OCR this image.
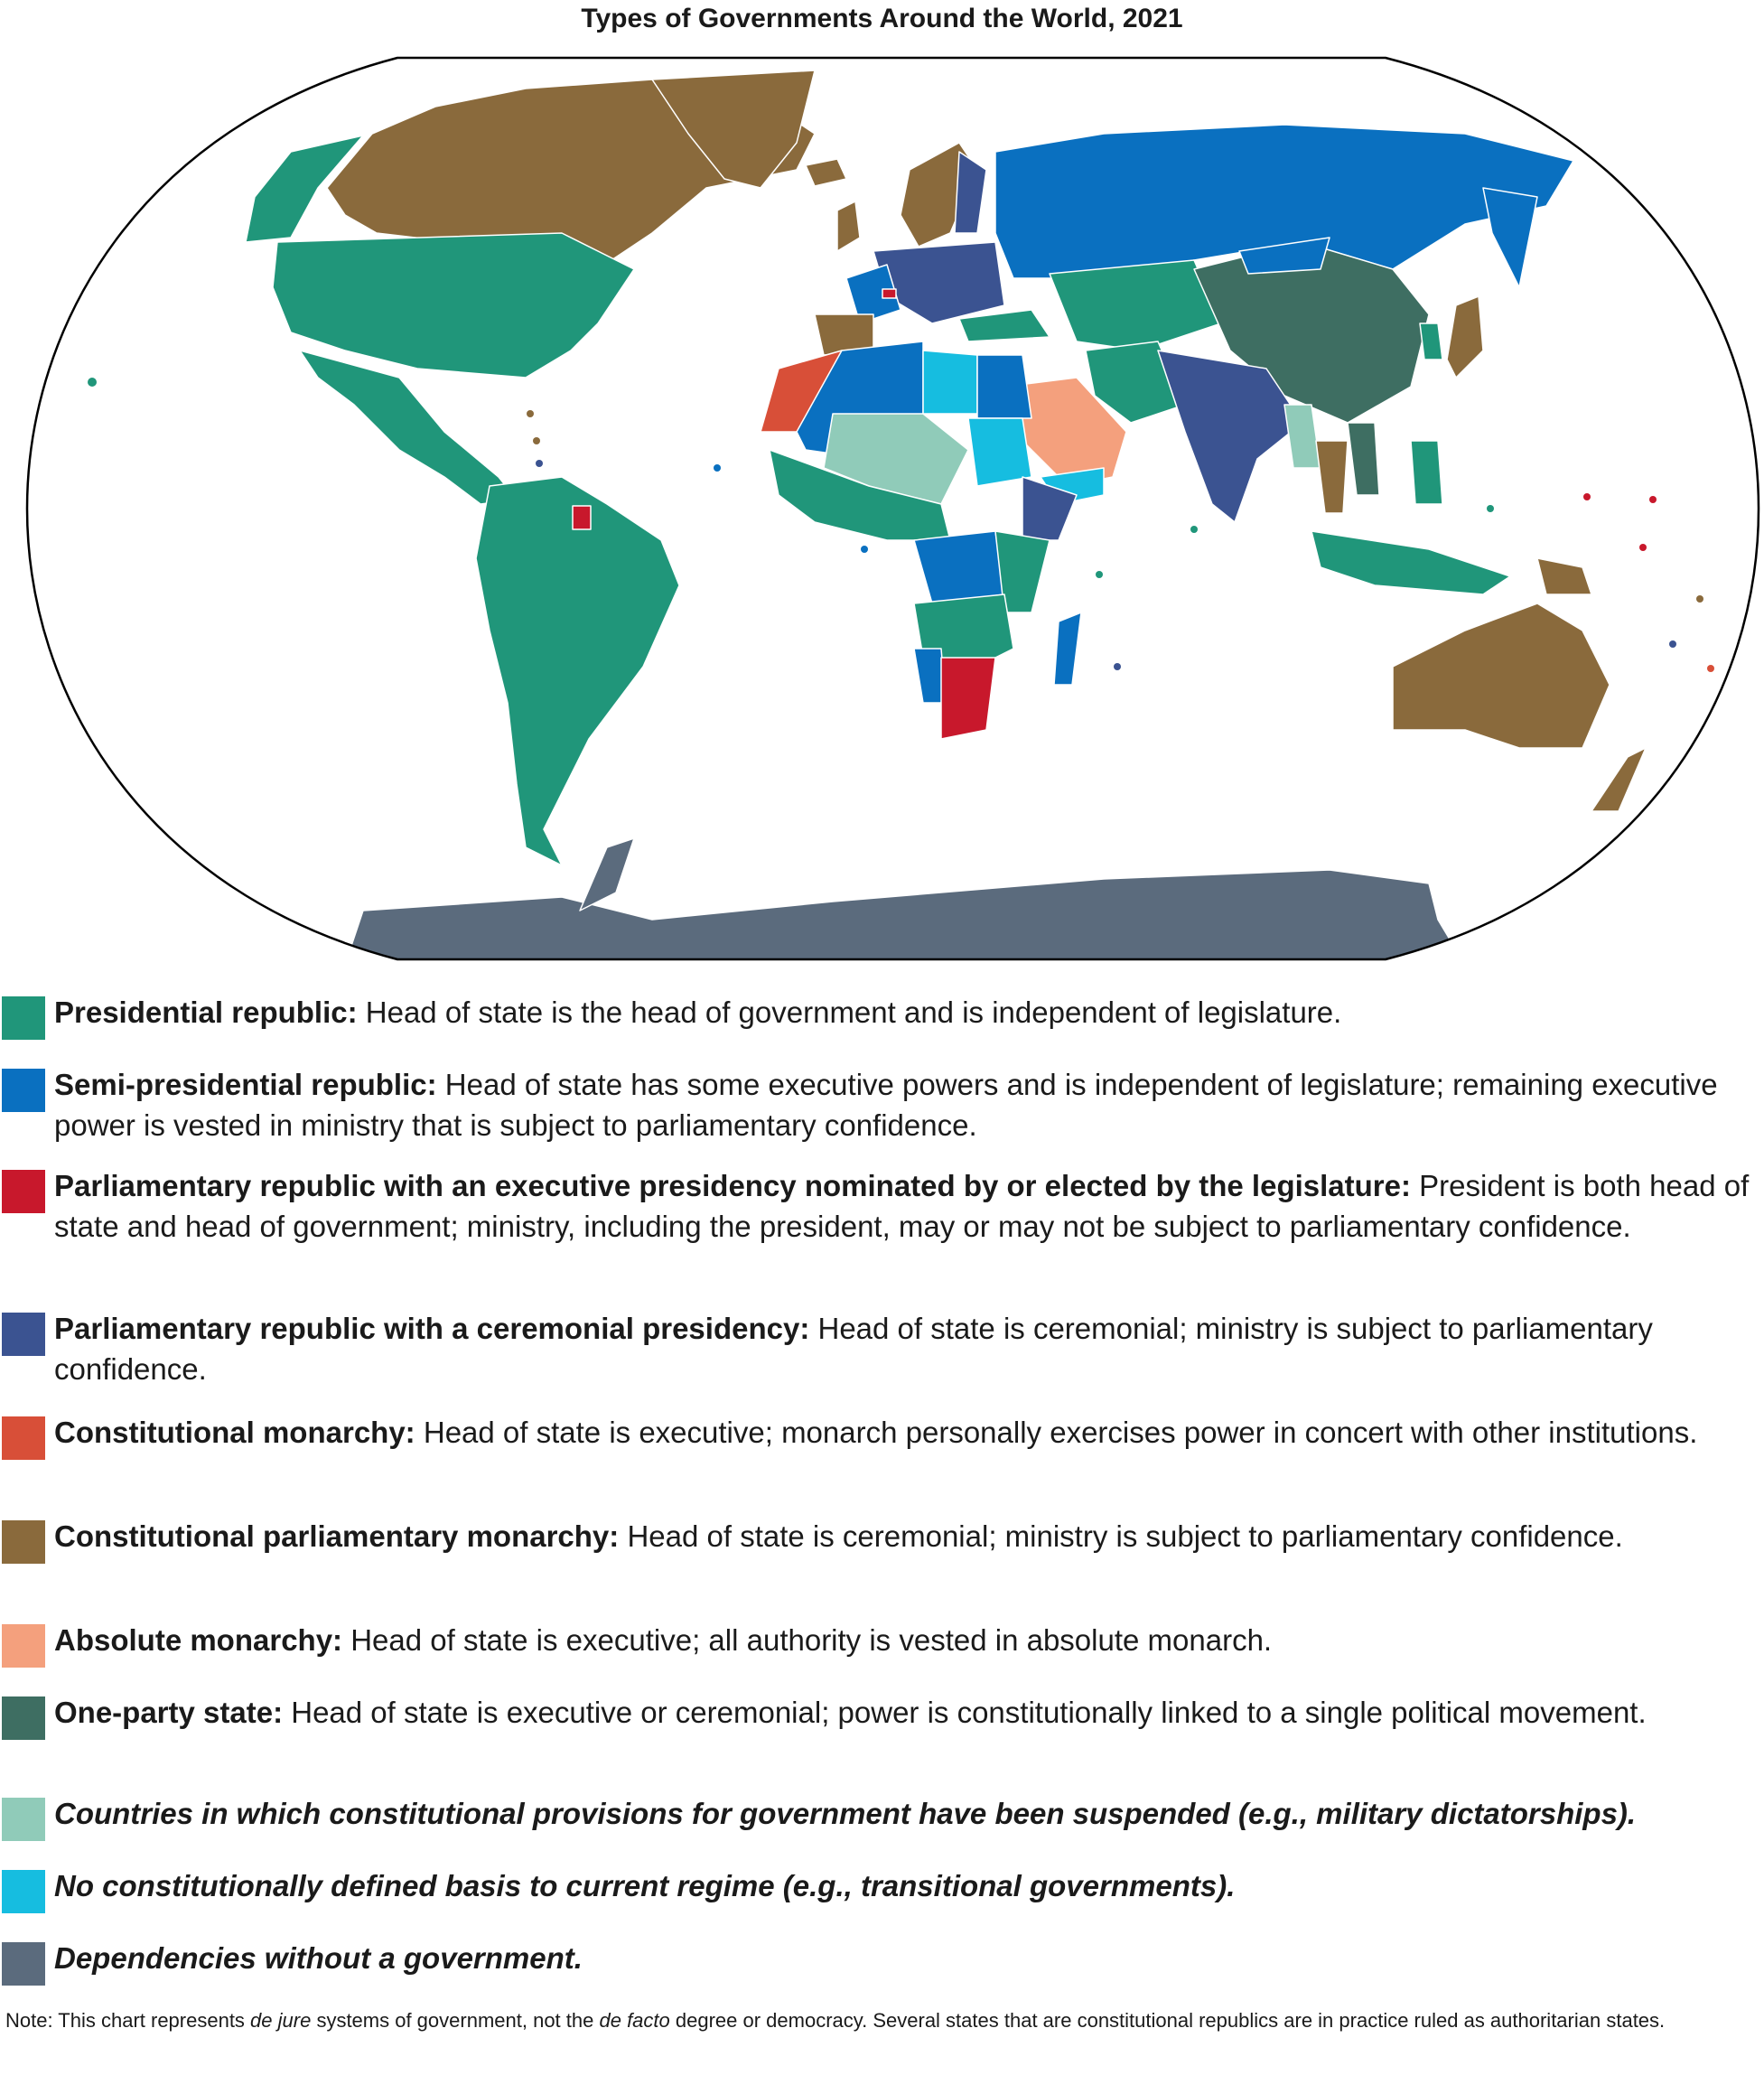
Types of Governments Around the World, 2021
Presidential republic: Head of state is the head of government and is independent of legislature.
Semi-presidential republic: Head of state has some executive powers and is independent of legislature; remaining executive power is vested in ministry that is subject to parliamentary confidence.
Parliamentary republic with an executive presidency nominated by or elected by the legislature: President is both head of state and head of government; ministry, including the president, may or may not be subject to parliamentary confidence.
Parliamentary republic with a ceremonial presidency: Head of state is ceremonial; ministry is subject to parliamentary confidence.
Constitutional monarchy: Head of state is executive; monarch personally exercises power in concert with other institutions.
Constitutional parliamentary monarchy: Head of state is ceremonial; ministry is subject to parliamentary confidence.
Absolute monarchy: Head of state is executive; all authority is vested in absolute monarch.
One-party state: Head of state is executive or ceremonial; power is constitutionally linked to a single political movement.
Countries in which constitutional provisions for government have been suspended (e.g., military dictatorships).
No constitutionally defined basis to current regime (e.g., transitional governments).
Dependencies without a government.
Note: This chart represents de jure systems of government, not the de facto degree or democracy. Several states that are constitutional republics are in practice ruled as authoritarian states.
